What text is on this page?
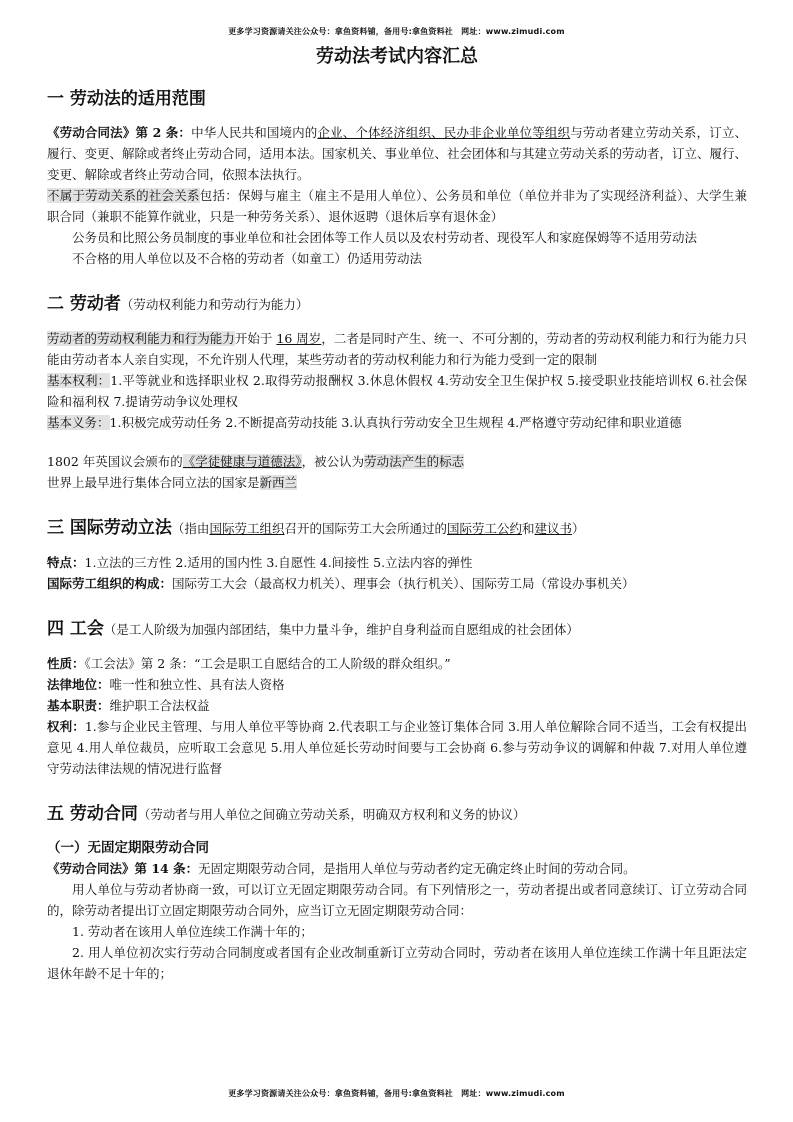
更多学习资源请关注公众号：拿鱼资料铺，备用号:拿鱼资料社　网址：www.zimudi.com
劳动法考试内容汇总
一 劳动法的适用范围

《劳动合同法》第 2 条：中华人民共和国境内的企业、个体经济组织、民办非企业单位等组织与劳动者建立劳动关系，订立、履行、变更、解除或者终止劳动合同，适用本法。国家机关、事业单位、社会团体和与其建立劳动关系的劳动者，订立、履行、变更、解除或者终止劳动合同，依照本法执行。

不属于劳动关系的社会关系包括：保姆与雇主（雇主不是用人单位）、公务员和单位（单位并非为了实现经济利益）、大学生兼职合同（兼职不能算作就业，只是一种劳务关系）、退休返聘（退休后享有退休金）

公务员和比照公务员制度的事业单位和社会团体等工作人员以及农村劳动者、现役军人和家庭保姆等不适用劳动法

不合格的用人单位以及不合格的劳动者（如童工）仍适用劳动法

二 劳动者（劳动权利能力和劳动行为能力）

劳动者的劳动权利能力和行为能力开始于 16 周岁，二者是同时产生、统一、不可分割的，劳动者的劳动权利能力和行为能力只能由劳动者本人亲自实现，不允许别人代理，某些劳动者的劳动权利能力和行为能力受到一定的限制

基本权利：1.平等就业和选择职业权 2.取得劳动报酬权 3.休息休假权 4.劳动安全卫生保护权 5.接受职业技能培训权 6.社会保险和福利权 7.提请劳动争议处理权

基本义务：1.积极完成劳动任务 2.不断提高劳动技能 3.认真执行劳动安全卫生规程 4.严格遵守劳动纪律和职业道德

1802 年英国议会颁布的《学徒健康与道德法》，被公认为劳动法产生的标志

世界上最早进行集体合同立法的国家是新西兰

三 国际劳动立法（指由国际劳工组织召开的国际劳工大会所通过的国际劳工公约和建议书）

特点：1.立法的三方性 2.适用的国内性 3.自愿性 4.间接性 5.立法内容的弹性

国际劳工组织的构成：国际劳工大会（最高权力机关）、理事会（执行机关）、国际劳工局（常设办事机关）

四 工会（是工人阶级为加强内部团结，集中力量斗争，维护自身利益而自愿组成的社会团体）

性质：《工会法》第 2 条：“工会是职工自愿结合的工人阶级的群众组织。”

法律地位：唯一性和独立性、具有法人资格

基本职责：维护职工合法权益

权利：1.参与企业民主管理、与用人单位平等协商 2.代表职工与企业签订集体合同 3.用人单位解除合同不适当，工会有权提出意见 4.用人单位裁员，应听取工会意见 5.用人单位延长劳动时间要与工会协商 6.参与劳动争议的调解和仲裁 7.对用人单位遵守劳动法律法规的情况进行监督

五 劳动合同（劳动者与用人单位之间确立劳动关系，明确双方权利和义务的协议）
（一）无固定期限劳动合同

《劳动合同法》第 14 条：无固定期限劳动合同，是指用人单位与劳动者约定无确定终止时间的劳动合同。

用人单位与劳动者协商一致，可以订立无固定期限劳动合同。有下列情形之一，劳动者提出或者同意续订、订立劳动合同的，除劳动者提出订立固定期限劳动合同外，应当订立无固定期限劳动合同：

1. 劳动者在该用人单位连续工作满十年的；

2. 用人单位初次实行劳动合同制度或者国有企业改制重新订立劳动合同时，劳动者在该用人单位连续工作满十年且距法定退休年龄不足十年的；

更多学习资源请关注公众号：拿鱼资料铺，备用号:拿鱼资料社　网址：www.zimudi.com
